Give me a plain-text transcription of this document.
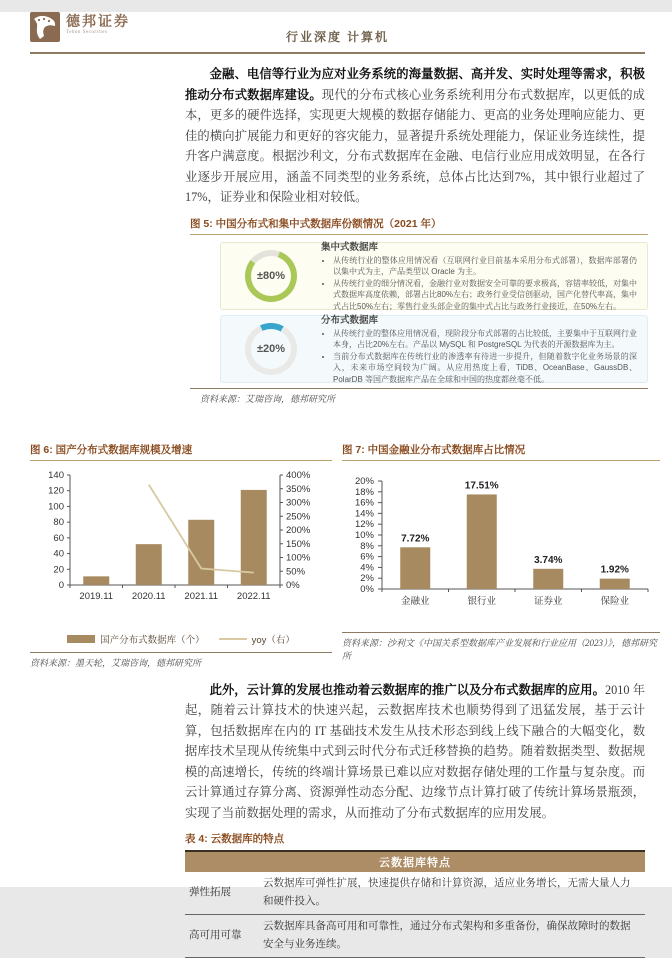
德邦证券
Tebon Securities	行业深度 计算机
金融、电信等行业为应对业务系统的海量数据、高并发、实时处理等需求，积极推动分布式数据库建设。现代的分布式核心业务系统利用分布式数据库，以更低的成本，更多的硬件选择，实现更大规模的数据存储能力、更高的业务处理响应能力、更佳的横向扩展能力和更好的容灾能力，显著提升系统处理能力，保证业务连续性，提升客户满意度。根据沙利文，分布式数据库在金融、电信行业应用成效明显，在各行业逐步开展应用，涵盖不同类型的业务系统，总体占比达到7%，其中银行业超过了 17%，证券业和保险业相对较低。
图 5: 中国分布式和集中式数据库份额情况（2021 年）
±80%
集中式数据库
• 从传统行业的整体应用情况看（互联网行业目前基本采用分布式部署），数据库部署仍以集中式为主，产品类型以 Oracle 为主。
• 从传统行业的细分情况看，金融行业对数据安全可靠的要求极高，容错率较低，对集中式数据库高度依赖，部署占比80%左右；政务行业受信创驱动，国产化替代率高，集中式占比50%左右；零售行业头部企业的集中式占比与政务行业接近，在50%左右。
±20%
分布式数据库
• 从传统行业的整体应用情况看，现阶段分布式部署的占比较低，主要集中于互联网行业本身，占比20%左右。产品以 MySQL 和 PostgreSQL 为代表的开源数据库为主。
• 当前分布式数据库在传统行业的渗透率有待进一步提升，但随着数字化业务场景的深入，未来市场空间较为广阔。从应用热度上看，TiDB、OceanBase、GaussDB、PolarDB 等国产数据库产品在全球和中国的热度都丝毫不低。
资料来源：艾瑞咨询，德邦研究所
图 6: 国产分布式数据库规模及增速
0
20
40
60
80
100
120
140
0%
50%
100%
150%
200%
250%
300%
350%
400%
2019.11 2020.11 2021.11 2022.11
国产分布式数据库（个）	yoy（右）
资料来源：墨天轮，艾瑞咨询，德邦研究所
图 7: 中国金融业分布式数据库占比情况
0%
2%
4%
6%
8%
10%
12%
14%
16%
18%
20%
7.72%
17.51%
3.74%
1.92%
金融业	银行业	证券业	保险业
资料来源：沙利文《中国关系型数据库产业发展和行业应用（2023）》，德邦研究所
此外，云计算的发展也推动着云数据库的推广以及分布式数据库的应用。2010 年起，随着云计算技术的快速兴起，云数据库技术也顺势得到了迅猛发展，基于云计算，包括数据库在内的 IT 基础技术发生从技术形态到线上线下融合的大幅变化，数据库技术呈现从传统集中式到云时代分布式迁移替换的趋势。随着数据类型、数据规模的高速增长，传统的终端计算场景已难以应对数据存储处理的工作量与复杂度。而云计算通过存算分离、资源弹性动态分配、边缘节点计算打破了传统计算场景瓶颈，实现了当前数据处理的需求，从而推动了分布式数据库的应用发展。
表 4: 云数据库的特点
云数据库特点	
弹性拓展	云数据库可弹性扩展，快速提供存储和计算资源，适应业务增长，无需大量人力和硬件投入。
高可用可靠	云数据库具备高可用和可靠性，通过分布式架构和多重备份，确保故障时的数据安全与业务连续。
